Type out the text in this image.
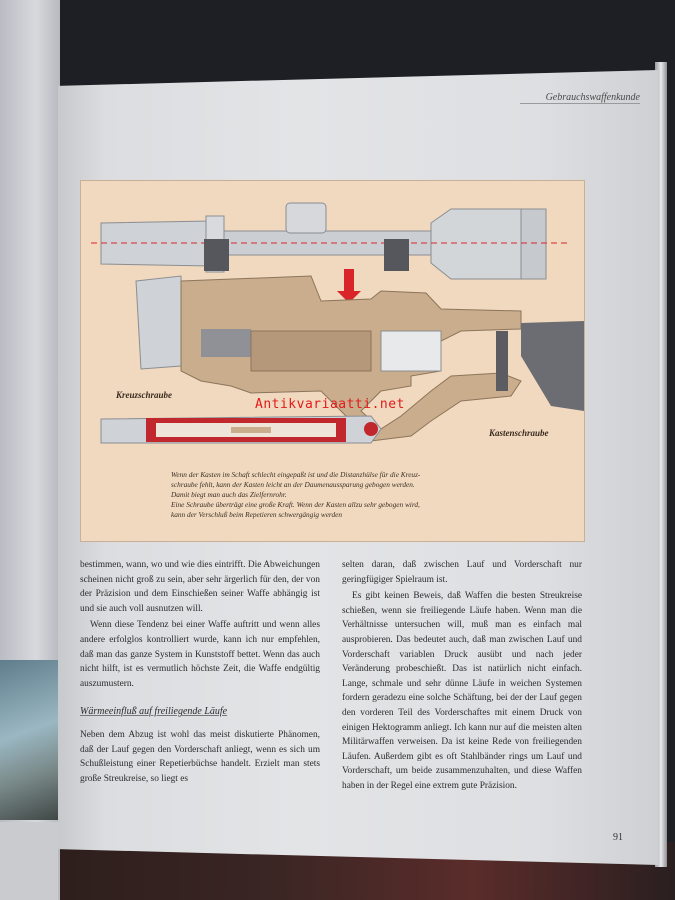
Gebrauchswaffenkunde
Kreuzschraube
Kastenschraube

Wenn der Kasten im Schaft schlecht eingepaßt ist und die Distanzhülse für die Kreuz-

schraube fehlt, kann der Kasten leicht an der Daumenaussparung gebogen werden.

Damit biegt man auch das Zielfernrohr.

Eine Schraube überträgt eine große Kraft. Wenn der Kasten allzu sehr gebogen wird,

kann der Verschluß beim Repetieren schwergängig werden

Antikvariaatti.net

bestimmen, wann, wo und wie dies eintrifft. Die Abweichungen scheinen nicht groß zu sein, aber sehr ärgerlich für den, der von der Präzision und dem Einschießen seiner Waffe abhängig ist und sie auch voll ausnutzen will.

Wenn diese Tendenz bei einer Waffe auftritt und wenn alles andere erfolglos kontrolliert wurde, kann ich nur empfehlen, daß man das ganze System in Kunststoff bettet. Wenn das auch nicht hilft, ist es vermutlich höchste Zeit, die Waffe endgültig auszumustern.

Wärmeeinfluß auf freiliegende Läufe

Neben dem Abzug ist wohl das meist diskutierte Phänomen, daß der Lauf gegen den Vorderschaft anliegt, wenn es sich um Schußleistung einer Repetierbüchse handelt. Erzielt man stets große Streukreise, so liegt es

selten daran, daß zwischen Lauf und Vorderschaft nur geringfügiger Spielraum ist.

Es gibt keinen Beweis, daß Waffen die besten Streukreise schießen, wenn sie freiliegende Läufe haben. Wenn man die Verhältnisse untersuchen will, muß man es einfach mal ausprobieren. Das bedeutet auch, daß man zwischen Lauf und Vorderschaft variablen Druck ausübt und nach jeder Veränderung probeschießt. Das ist natürlich nicht einfach. Lange, schmale und sehr dünne Läufe in weichen Systemen fordern geradezu eine solche Schäftung, bei der der Lauf gegen den vorderen Teil des Vorderschaftes mit einem Druck von einigen Hektogramm anliegt. Ich kann nur auf die meisten alten Militärwaffen verweisen. Da ist keine Rede von freiliegenden Läufen. Außerdem gibt es oft Stahlbänder rings um Lauf und Vorderschaft, um beide zusammenzuhalten, und diese Waffen haben in der Regel eine extrem gute Präzision.

91
